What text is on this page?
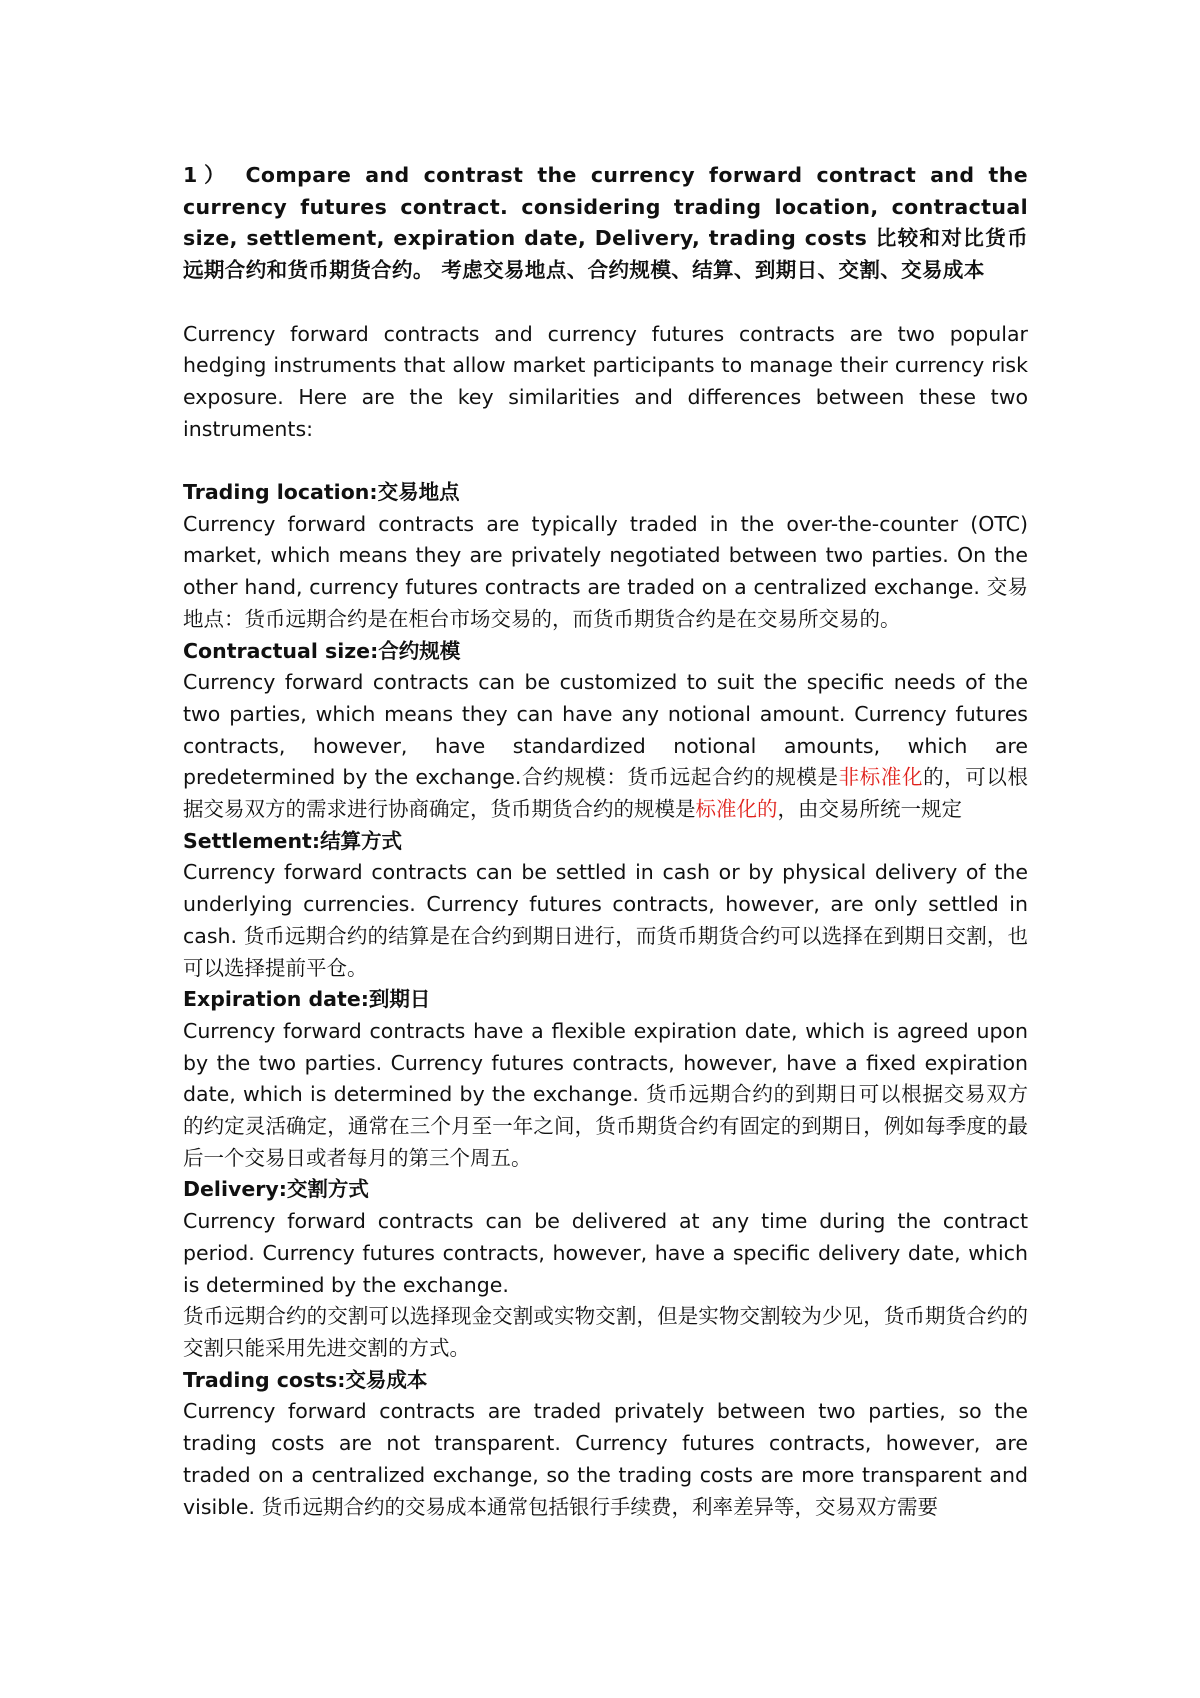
1） Compare and contrast the currency forward contract and the currency futures contract. considering trading location, contractual size, settlement, expiration date, Delivery, trading costs 比较和对比货币远期合约和货币期货合约。 考虑交易地点、合约规模、结算、到期日、交割、交易成本

Currency forward contracts and currency futures contracts are two popular hedging instruments that allow market participants to manage their currency risk exposure. Here are the key similarities and differences between these two instruments:

Trading location:交易地点

Currency forward contracts are typically traded in the over-the-counter (OTC) market, which means they are privately negotiated between two parties. On the other hand, currency futures contracts are traded on a centralized exchange. 交易地点：货币远期合约是在柜台市场交易的，而货币期货合约是在交易所交易的。

Contractual size:合约规模

Currency forward contracts can be customized to suit the specific needs of the two parties, which means they can have any notional amount. Currency futures contracts, however, have standardized notional amounts, which are predetermined by the exchange.合约规模：货币远起合约的规模是非标准化的，可以根据交易双方的需求进行协商确定，货币期货合约的规模是标准化的，由交易所统一规定

Settlement:结算方式

Currency forward contracts can be settled in cash or by physical delivery of the underlying currencies. Currency futures contracts, however, are only settled in cash. 货币远期合约的结算是在合约到期日进行，而货币期货合约可以选择在到期日交割，也可以选择提前平仓。

Expiration date:到期日

Currency forward contracts have a flexible expiration date, which is agreed upon by the two parties. Currency futures contracts, however, have a fixed expiration date, which is determined by the exchange. 货币远期合约的到期日可以根据交易双方的约定灵活确定，通常在三个月至一年之间，货币期货合约有固定的到期日，例如每季度的最后一个交易日或者每月的第三个周五。

Delivery:交割方式

Currency forward contracts can be delivered at any time during the contract period. Currency futures contracts, however, have a specific delivery date, which is determined by the exchange.

货币远期合约的交割可以选择现金交割或实物交割，但是实物交割较为少见，货币期货合约的交割只能采用先进交割的方式。

Trading costs:交易成本

Currency forward contracts are traded privately between two parties, so the trading costs are not transparent. Currency futures contracts, however, are traded on a centralized exchange, so the trading costs are more transparent and visible. 货币远期合约的交易成本通常包括银行手续费，利率差异等，交易双方需要
